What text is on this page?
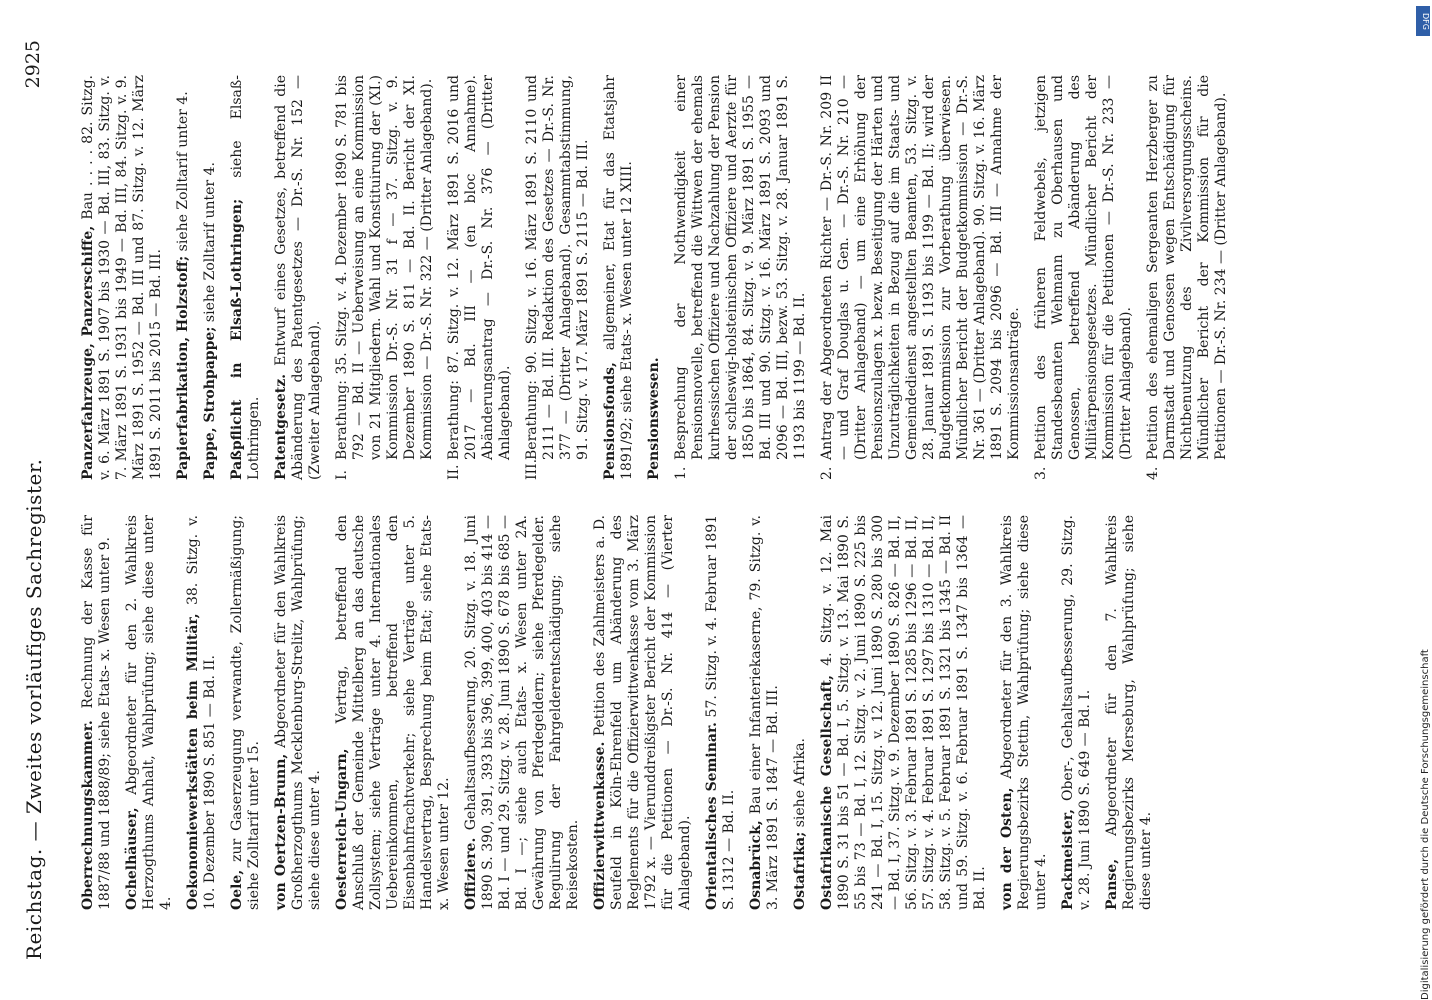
Reichstag. — Zweites vorläufiges Sachregister.
2925
Oberrechnungskammer. Rechnung der Kasse für 1887/88 und 1888/89; siehe Etats- x. Wesen unter 9. Ochelhäuser, Abgeordneter für den 2. Wahlkreis Herzogthums Anhalt, Wahlprüfung; siehe diese unter 4. Oekonomiewerkstätten beim Militär, 38. Sitzg. v. 10. Dezember 1890 S. 851 — Bd. II. Oele, zur Gaserzeugung verwandte, Zollermäßigung; siehe Zolltarif unter 15. von Oertzen-Brunn, Abgeordneter für den Wahlkreis Großherzogthums Mecklenburg-Strelitz, Wahlprüfung; siehe diese unter 4. Oesterreich-Ungarn, Vertrag, betreffend den Anschluß der Gemeinde Mittelberg an das deutsche Zollsystem; siehe Verträge unter 4. Internationales Uebereinkommen, betreffend den Eisenbahnfrachtverkehr; siehe Verträge unter 5. Handelsvertrag, Besprechung beim Etat; siehe Etats- x. Wesen unter 12. Offiziere. Gehaltsaufbesserung, 20. Sitzg. v. 18. Juni 1890 S. 390, 391, 393 bis 396, 399, 400, 403 bis 414 — Bd. I — und 29. Sitzg. v. 28. Juni 1890 S. 678 bis 685 — Bd. I —; siehe auch Etats- x. Wesen unter 2A. Gewährung von Pferdegeldern; siehe Pferdegelder. Regulirung der Fahrgelderentschädigung; siehe Reisekosten. Offizierwittwenkasse. Petition des Zahlmeisters a. D. Seufeld in Köln-Ehrenfeld um Abänderung des Reglements für die Offizierwittwenkasse vom 3. März 1792 x. — Vierunddreißigster Bericht der Kommission für die Petitionen — Dr.-S. Nr. 414 — (Vierter Anlageband). Orientalisches Seminar. 57. Sitzg. v. 4. Februar 1891 S. 1312 — Bd. II. Osnabrück, Bau einer Infanteriekaserne, 79. Sitzg. v. 3. März 1891 S. 1847 — Bd. III. Ostafrika; siehe Afrika. Ostafrikanische Gesellschaft, 4. Sitzg. v. 12. Mai 1890 S. 31 bis 51 — Bd. I, 5. Sitzg. v. 13. Mai 1890 S. 55 bis 73 — Bd. I, 12. Sitzg. v. 2. Juni 1890 S. 225 bis 241 — Bd. I, 15. Sitzg. v. 12. Juni 1890 S. 280 bis 300 — Bd. I, 37. Sitzg. v. 9. Dezember 1890 S. 826 — Bd. II, 56. Sitzg. v. 3. Februar 1891 S. 1285 bis 1296 — Bd. II, 57. Sitzg. v. 4. Februar 1891 S. 1297 bis 1310 — Bd. II, 58. Sitzg. v. 5. Februar 1891 S. 1321 bis 1345 — Bd. II und 59. Sitzg. v. 6. Februar 1891 S. 1347 bis 1364 — Bd. II. von der Osten, Abgeordneter für den 3. Wahlkreis Regierungsbezirks Stettin, Wahlprüfung; siehe diese unter 4. Packmeister, Ober-, Gehaltsaufbesserung, 29. Sitzg. v. 28. Juni 1890 S. 649 — Bd. I. Panse, Abgeordneter für den 7. Wahlkreis Regierungsbezirks Merseburg, Wahlprüfung; siehe diese unter 4.
Panzerfahrzeuge, Panzerschiffe, Bau . . . . 82. Sitzg. v. 6. März 1891 S. 1907 bis 1930 — Bd. III, 83. Sitzg. v. 7. März 1891 S. 1931 bis 1949 — Bd. III, 84. Sitzg. v. 9. März 1891 S. 1952 — Bd. III und 87. Sitzg. v. 12. März 1891 S. 2011 bis 2015 — Bd. III. Papierfabrikation, Holzstoff; siehe Zolltarif unter 4.
Pappe, Strohpappe; siehe Zolltarif unter 4. Paßpflicht in Elsaß-Lothringen; siehe Elsaß-Lothringen. Patentgesetz. Entwurf eines Gesetzes, betreffend die Abänderung des Patentgesetzes — Dr.-S. Nr. 152 — (Zweiter Anlageband). I.
Berathung: 35. Sitzg. v. 4. Dezember 1890 S. 781 bis 792 — Bd. II — Ueberweisung an eine Kommission von 21 Mitgliedern. Wahl und Konstituirung der (XI.) Kommission Dr.-S. Nr. 31 f — 37. Sitzg. v. 9. Dezember 1890 S. 811 — Bd. II. Bericht der XI. Kommission — Dr.-S. Nr. 322 — (Dritter Anlageband).
II.
Berathung: 87. Sitzg. v. 12. März 1891 S. 2016 und 2017 — Bd. III — (en bloc Annahme). Abänderungsantrag — Dr.-S. Nr. 376 — (Dritter Anlageband).
III.
Berathung: 90. Sitzg. v. 16. März 1891 S. 2110 und 2111 — Bd. III. Redaktion des Gesetzes — Dr.-S. Nr. 377 — (Dritter Anlageband). Gesammtabstimmung, 91. Sitzg. v. 17. März 1891 S. 2115 — Bd. III. Pensionsfonds, allgemeiner, Etat für das Etatsjahr 1891/92; siehe Etats- x. Wesen unter 12 XIII. Pensionswesen. 1.
Besprechung der Nothwendigkeit einer Pensionsnovelle, betreffend die Wittwen der ehemals kurhessischen Offiziere und Nachzahlung der Pension der schleswig-holsteinischen Offiziere und Aerzte für 1850 bis 1864, 84. Sitzg. v. 9. März 1891 S. 1955 — Bd. III und 90. Sitzg. v. 16. März 1891 S. 2093 und 2096 — Bd. III, bezw. 53. Sitzg. v. 28. Januar 1891 S. 1193 bis 1199 — Bd. II.
2.
Antrag der Abgeordneten Richter — Dr.-S. Nr. 209 II — und Graf Douglas u. Gen. — Dr.-S. Nr. 210 — (Dritter Anlageband) — um eine Erhöhung der Pensionszulagen x. bezw. Beseitigung der Härten und Unzuträglichkeiten in Bezug auf die im Staats- und Gemeindedienst angestellten Beamten, 53. Sitzg. v. 28. Januar 1891 S. 1193 bis 1199 — Bd. II; wird der Budgetkommission zur Vorberathung überwiesen. Mündlicher Bericht der Budgetkommission — Dr.-S. Nr. 361 — (Dritter Anlageband). 90. Sitzg. v. 16. März 1891 S. 2094 bis 2096 — Bd. III — Annahme der Kommissionsanträge.
3.
Petition des früheren Feldwebels, jetzigen Standesbeamten Wehmann zu Oberhausen und Genossen, betreffend Abänderung des Militärpensionsgesetzes. Mündlicher Bericht der Kommission für die Petitionen — Dr.-S. Nr. 233 — (Dritter Anlageband).
4.
Petition des ehemaligen Sergeanten Herzberger zu Darmstadt und Genossen wegen Entschädigung für Nichtbenutzung des Zivilversorgungsscheins. Mündlicher Bericht der Kommission für die Petitionen — Dr.-S. Nr. 234 — (Dritter Anlageband).
Digitalisierung gefördert durch die Deutsche Forschungsgemeinschaft
DFG
